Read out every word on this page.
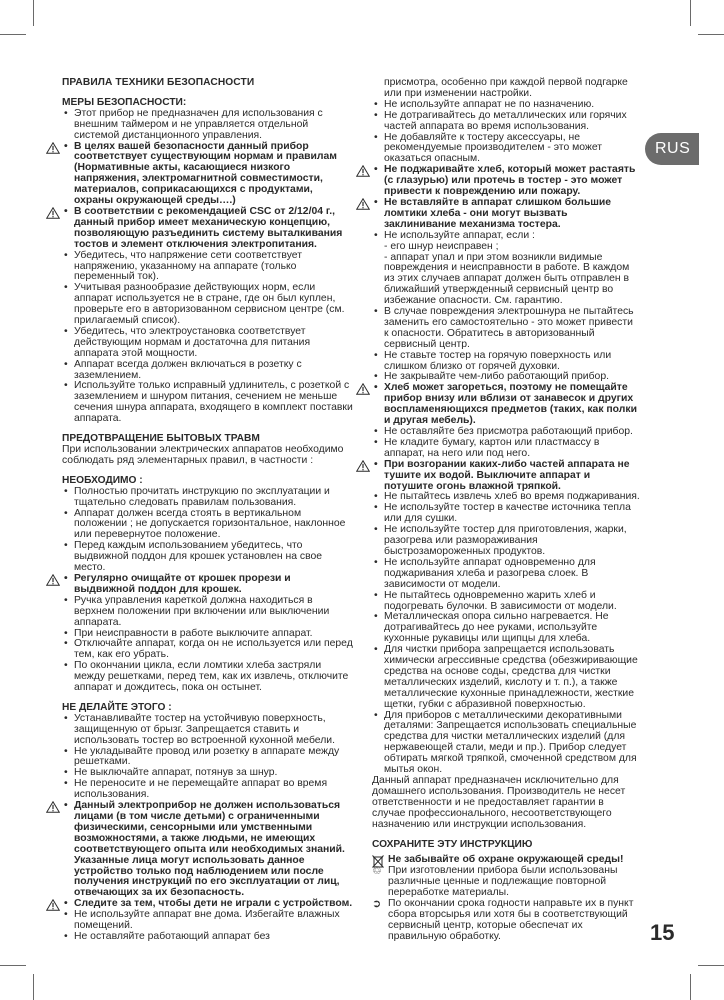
ПРАВИЛА ТЕХНИКИ БЕЗОПАСНОСТИ
МЕРЫ БЕЗОПАСНОСТИ:
• Этот прибор не предназначен для использования с внешним таймером и не управляется отдельной системой дистанционного управления.
• В целях вашей безопасности данный прибор соответствует существующим нормам и правилам (Нормативные акты, касающиеся низкого напряжения, электромагнитной совместимости, материалов, соприкасающихся с продуктами, охраны окружающей среды….)
• В соответствии с рекомендацией CSC от 2/12/04 г., данный прибор имеет механическую концепцию, позволяющую разъединить систему выталкивания тостов и элемент отключения электропитания.
• Убедитесь, что напряжение сети соответствует напряжению, указанному на аппарате (только переменный ток).
• Учитывая разнообразие действующих норм, если аппарат используется не в стране, где он был куплен, проверьте его в авторизованном сервисном центре (см. прилагаемый список).
• Убедитесь, что электроустановка соответствует действующим нормам и достаточна для питания аппарата этой мощности.
• Аппарат всегда должен включаться в розетку с заземлением.
• Используйте только исправный удлинитель, с розеткой с заземлением и шнуром питания, сечением не меньше сечения шнура аппарата, входящего в комплект поставки аппарата.
ПРЕДОТВРАЩЕНИЕ БЫТОВЫХ ТРАВМ
При использовании электрических аппаратов необходимо соблюдать ряд элементарных правил, в частности :
НЕОБХОДИМО :
• Полностью прочитать инструкцию по эксплуатации и тщательно следовать правилам пользования.
• Аппарат должен всегда стоять в вертикальном положении ; не допускается горизонтальное, наклонное или перевернутое положение.
• Перед каждым использованием убедитесь, что выдвижной поддон для крошек установлен на свое место.
• Регулярно очищайте от крошек прорези и выдвижной поддон для крошек.
• Ручка управления кареткой должна находиться в верхнем положении при включении или выключении аппарата.
• При неисправности в работе выключите аппарат.
• Отключайте аппарат, когда он не используется или перед тем, как его убрать.
• По окончании цикла, если ломтики хлеба застряли между решетками, перед тем, как их извлечь, отключите аппарат и дождитесь, пока он остынет.
НЕ ДЕЛАЙТЕ ЭТОГО :
• Устанавливайте тостер на устойчивую поверхность, защищенную от брызг. Запрещается ставить и использовать тостер во встроенной кухонной мебели.
• Не укладывайте провод или розетку в аппарате между решетками.
• Не выключайте аппарат, потянув за шнур.
• Не переносите и не перемещайте аппарат во время использования.
• Данный электроприбор не должен использоваться лицами (в том числе детьми) с ограниченными физическими, сенсорными или умственными возможностями, а также людьми, не имеющих соответствующего опыта или необходимых знаний. Указанные лица могут использовать данное устройство только под наблюдением или после получения инструкций по его эксплуатации от лиц, отвечающих за их безопасность.
• Следите за тем, чтобы дети не играли с устройством.
• Не используйте аппарат вне дома. Избегайте влажных помещений.
• Не оставляйте работающий аппарат без
присмотра, особенно при каждой первой подгарке или при изменении настройки.
• Не используйте аппарат не по назначению.
• Не дотрагивайтесь до металлических или горячих частей аппарата во время использования.
• Не добавляйте к тостеру аксессуары, не рекомендуемые производителем - это может оказаться опасным.
• Не поджаривайте хлеб, который может растаять (с глазурью) или протечь в тостер - это может привести к повреждению или пожару.
• Не вставляйте в аппарат слишком большие ломтики хлеба - они могут вызвать заклинивание механизма тостера.
• Не используйте аппарат, если :
- его шнур неисправен ;
- аппарат упал и при этом возникли видимые повреждения и неисправности в работе. В каждом из этих случаев аппарат должен быть отправлен в ближайший утвержденный сервисный центр во избежание опасности. См. гарантию.
• В случае повреждения электрошнура не пытайтесь заменить его самостоятельно - это может привести к опасности. Обратитесь в авторизованный сервисный центр.
• Не ставьте тостер на горячую поверхность или слишком близко от горячей духовки.
• Не закрывайте чем-либо работающий прибор.
• Хлеб может загореться, поэтому не помещайте прибор внизу или вблизи от занавесок и других воспламеняющихся предметов (таких, как полки и другая мебель).
• Не оставляйте без присмотра работающий прибор.
• Не кладите бумагу, картон или пластмассу в аппарат, на него или под него.
• При возгорании каких-либо частей аппарата не тушите их водой. Выключите аппарат и потушите огонь влажной тряпкой.
• Не пытайтесь извлечь хлеб во время поджаривания.
• Не используйте тостер в качестве источника тепла или для сушки.
• Не используйте тостер для приготовления, жарки, разогрева или размораживания быстрозамороженных продуктов.
• Не используйте аппарат одновременно для поджаривания хлеба и разогрева слоек. В зависимости от модели.
• Не пытайтесь одновременно жарить хлеб и подогревать булочки. В зависимости от модели.
• Металлическая опора сильно нагревается. Не дотрагивайтесь до нее руками, используйте кухонные рукавицы или щипцы для хлеба.
• Для чистки прибора запрещается использовать химически агрессивные средства (обезжиривающие средства на основе соды, средства для чистки металлических изделий, кислоту и т. п.), а также металлические кухонные принадлежности, жесткие щетки, губки с абразивной поверхностью.
• Для приборов с металлическими декоративными деталями: Запрещается использовать специальные средства для чистки металлических изделий (для нержавеющей стали, меди и пр.). Прибор следует обтирать мягкой тряпкой, смоченной средством для мытья окон.
Данный аппарат предназначен исключительно для домашнего использования. Производитель не несет ответственности и не предоставляет гарантии в случае профессионального, несоответствующего назначению или инструкции использования.
СОХРАНИТЕ ЭТУ ИНСТРУКЦИЮ
Не забывайте об охране окружающей среды!
♲ При изготовлении прибора были использованы различные ценные и подлежащие повторной переработке материалы.
➲ По окончании срока годности направьте их в пункт сбора вторсырья или хотя бы в соответствующий сервисный центр, которые обеспечат их правильную обработку.
RUS
15
